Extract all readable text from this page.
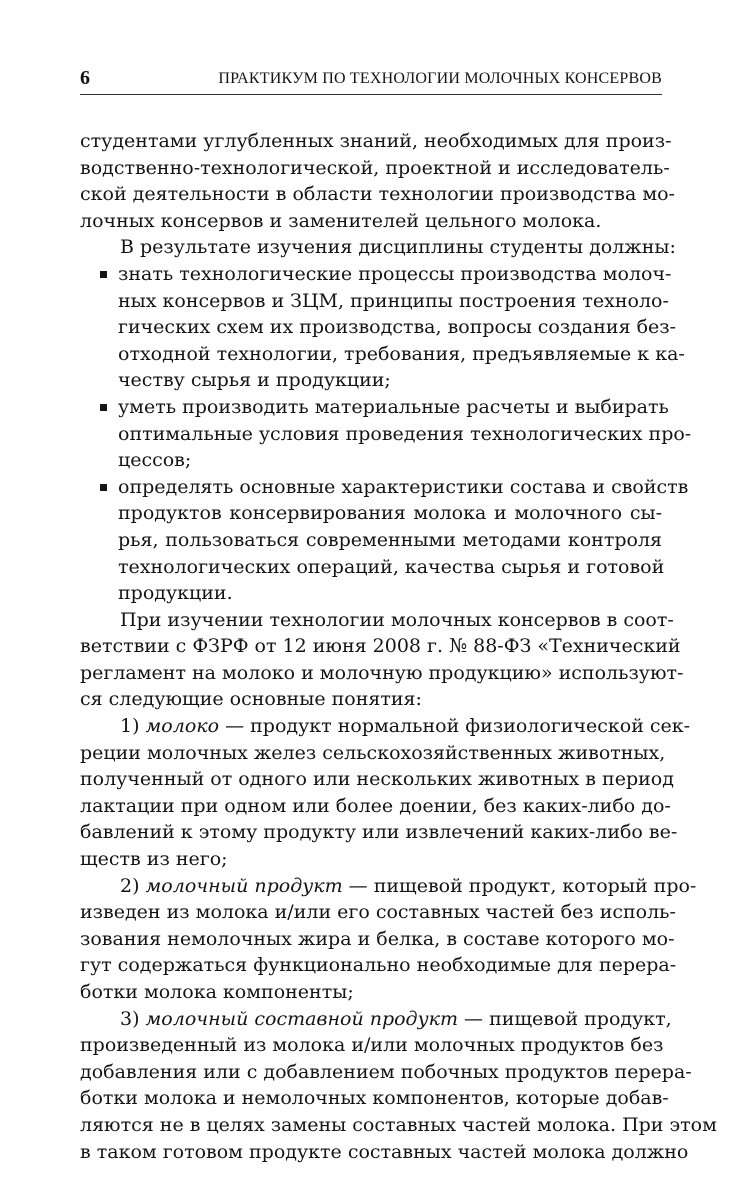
6	ПРАКТИКУМ ПО ТЕХНОЛОГИИ МОЛОЧНЫХ КОНСЕРВОВ
студентами углубленных знаний, необходимых для произ-
водственно-технологической, проектной и исследователь-
ской деятельности в области технологии производства мо-
лочных консервов и заменителей цельного молока.
В результате изучения дисциплины студенты должны:
знать технологические процессы производства молоч-
ных консервов и ЗЦМ, принципы построения техноло-
гических схем их производства, вопросы создания без-
отходной технологии, требования, предъявляемые к ка-
честву сырья и продукции;
уметь производить материальные расчеты и выбирать
оптимальные условия проведения технологических про-
цессов;
определять основные характеристики состава и свойств
продуктов консервирования молока и молочного сы-
рья, пользоваться современными методами контроля
технологических операций, качества сырья и готовой
продукции.
При изучении технологии молочных консервов в соот-
ветствии с ФЗРФ от 12 июня 2008 г. № 88-ФЗ «Технический
регламент на молоко и молочную продукцию» используют-
ся следующие основные понятия:
1) молоко — продукт нормальной физиологической сек-
реции молочных желез сельскохозяйственных животных,
полученный от одного или нескольких животных в период
лактации при одном или более доении, без каких-либо до-
бавлений к этому продукту или извлечений каких-либо ве-
ществ из него;
2) молочный продукт — пищевой продукт, который про-
изведен из молока и/или его составных частей без исполь-
зования немолочных жира и белка, в составе которого мо-
гут содержаться функционально необходимые для перера-
ботки молока компоненты;
3) молочный составной продукт — пищевой продукт,
произведенный из молока и/или молочных продуктов без
добавления или с добавлением побочных продуктов перера-
ботки молока и немолочных компонентов, которые добав-
ляются не в целях замены составных частей молока. При этом
в таком готовом продукте составных частей молока должно
